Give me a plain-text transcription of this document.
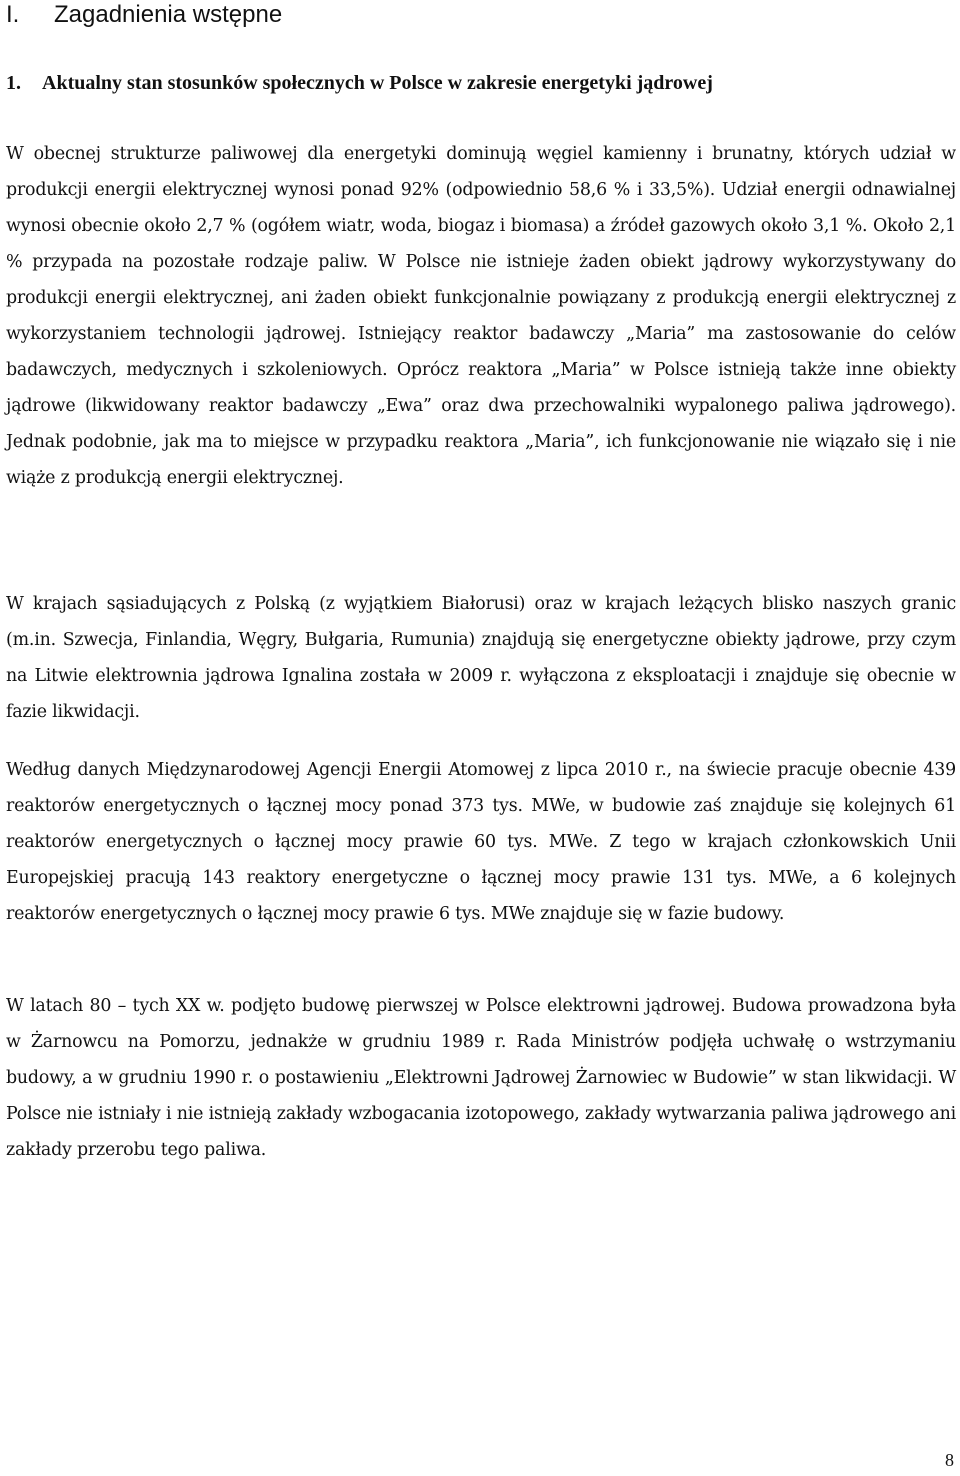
I. Zagadnienia wstępne
1. Aktualny stan stosunków społecznych w Polsce w zakresie energetyki jądrowej

W obecnej strukturze paliwowej dla energetyki dominują węgiel kamienny i brunatny, których udział w produkcji energii elektrycznej wynosi ponad 92% (odpowiednio 58,6 % i 33,5%). Udział energii odnawialnej wynosi obecnie około 2,7 % (ogółem wiatr, woda, biogaz i biomasa) a źródeł gazowych około 3,1 %. Około 2,1 % przypada na pozostałe rodzaje paliw. W Polsce nie istnieje żaden obiekt jądrowy wykorzystywany do produkcji energii elektrycznej, ani żaden obiekt funkcjonalnie powiązany z produkcją energii elektrycznej z wykorzystaniem technologii jądrowej. Istniejący reaktor badawczy „Maria” ma zastosowanie do celów badawczych, medycznych i szkoleniowych. Oprócz reaktora „Maria” w Polsce istnieją także inne obiekty jądrowe (likwidowany reaktor badawczy „Ewa” oraz dwa przechowalniki wypalonego paliwa jądrowego). Jednak podobnie, jak ma to miejsce w przypadku reaktora „Maria”, ich funkcjonowanie nie wiązało się i nie wiąże z produkcją energii elektrycznej.

W krajach sąsiadujących z Polską (z wyjątkiem Białorusi) oraz w krajach leżących blisko naszych granic (m.in. Szwecja, Finlandia, Węgry, Bułgaria, Rumunia) znajdują się energetyczne obiekty jądrowe, przy czym na Litwie elektrownia jądrowa Ignalina została w 2009 r. wyłączona z eksploatacji i znajduje się obecnie w fazie likwidacji.

Według danych Międzynarodowej Agencji Energii Atomowej z lipca 2010 r., na świecie pracuje obecnie 439 reaktorów energetycznych o łącznej mocy ponad 373 tys. MWe, w budowie zaś znajduje się kolejnych 61 reaktorów energetycznych o łącznej mocy prawie 60 tys. MWe. Z tego w krajach członkowskich Unii Europejskiej pracują 143 reaktory energetyczne o łącznej mocy prawie 131 tys. MWe, a 6 kolejnych reaktorów energetycznych o łącznej mocy prawie 6 tys. MWe znajduje się w fazie budowy.

W latach 80 – tych XX w. podjęto budowę pierwszej w Polsce elektrowni jądrowej. Budowa prowadzona była w Żarnowcu na Pomorzu, jednakże w grudniu 1989 r. Rada Ministrów podjęła uchwałę o wstrzymaniu budowy, a w grudniu 1990 r. o postawieniu „Elektrowni Jądrowej Żarnowiec w Budowie” w stan likwidacji. W Polsce nie istniały i nie istnieją zakłady wzbogacania izotopowego, zakłady wytwarzania paliwa jądrowego ani zakłady przerobu tego paliwa.

8
